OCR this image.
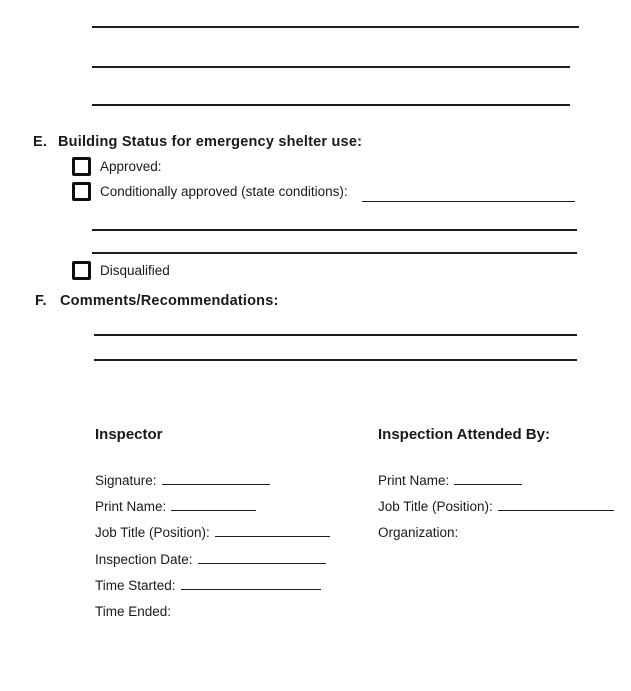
E. Building Status for emergency shelter use:
Approved:
Conditionally approved (state conditions):
Disqualified
F. Comments/Recommendations:
Inspector
Signature:
Print Name:
Job Title (Position):
Inspection Date:
Time Started:
Time Ended:
Inspection Attended By:
Print Name:
Job Title (Position):
Organization:
